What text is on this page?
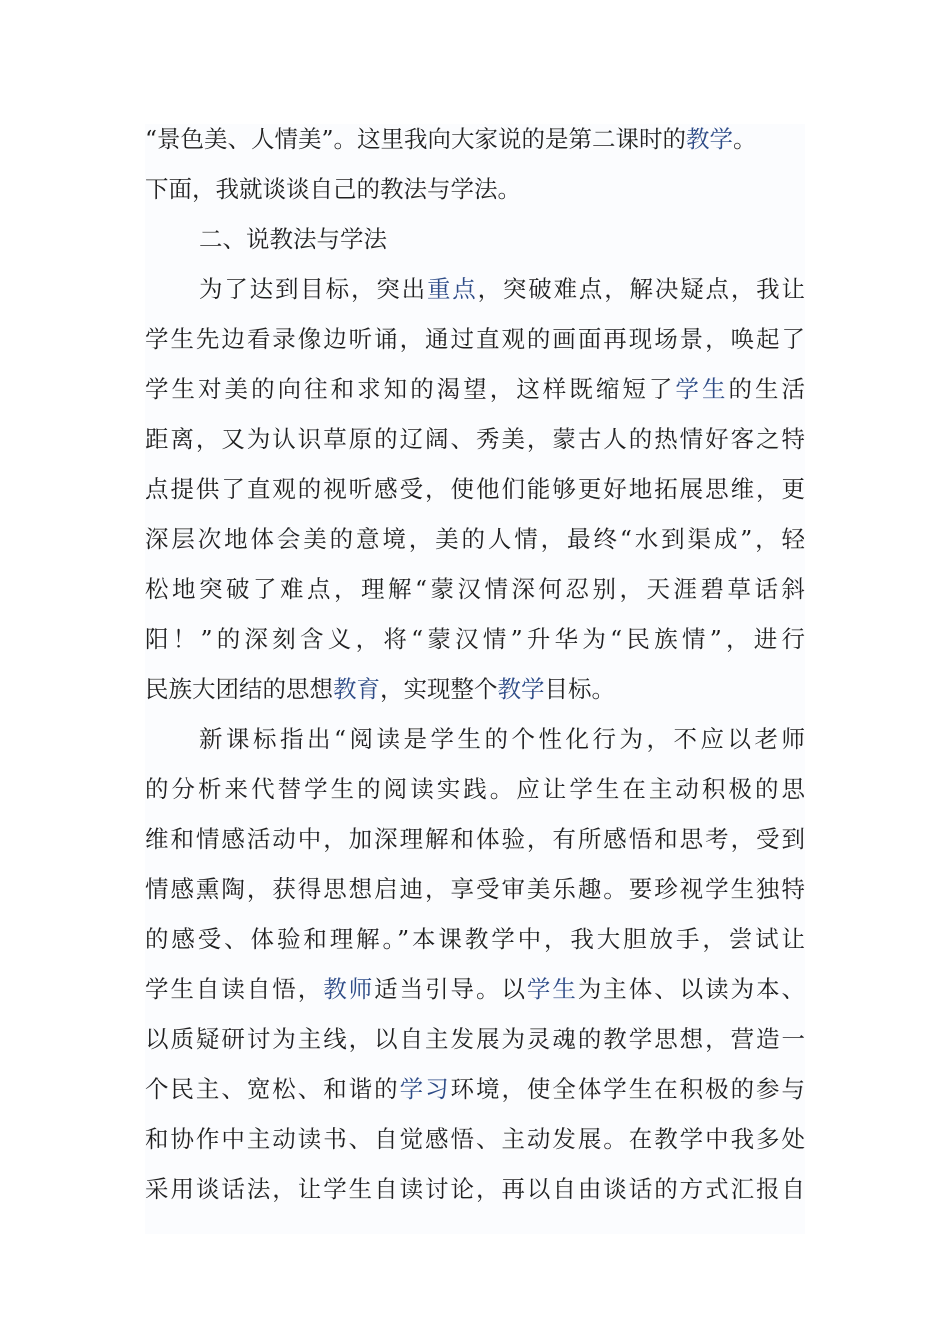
“景色美、人情美”。这里我向大家说的是第二课时的教学。
下面，我就谈谈自己的教法与学法。
二、说教法与学法
为了达到目标，突出重点，突破难点，解决疑点，我让
学生先边看录像边听诵，通过直观的画面再现场景，唤起了
学生对美的向往和求知的渴望，这样既缩短了学生的生活
距离，又为认识草原的辽阔、秀美，蒙古人的热情好客之特
点提供了直观的视听感受，使他们能够更好地拓展思维，更
深层次地体会美的意境，美的人情，最终“水到渠成”，轻
松地突破了难点，理解“蒙汉情深何忍别，天涯碧草话斜
阳！”的深刻含义，将“蒙汉情”升华为“民族情”，进行
民族大团结的思想教育，实现整个教学目标。
新课标指出“阅读是学生的个性化行为，不应以老师
的分析来代替学生的阅读实践。应让学生在主动积极的思
维和情感活动中，加深理解和体验，有所感悟和思考，受到
情感熏陶，获得思想启迪，享受审美乐趣。要珍视学生独特
的感受、体验和理解。”本课教学中，我大胆放手，尝试让
学生自读自悟，教师适当引导。以学生为主体、以读为本、
以质疑研讨为主线，以自主发展为灵魂的教学思想，营造一
个民主、宽松、和谐的学习环境，使全体学生在积极的参与
和协作中主动读书、自觉感悟、主动发展。在教学中我多处
采用谈话法，让学生自读讨论，再以自由谈话的方式汇报自
